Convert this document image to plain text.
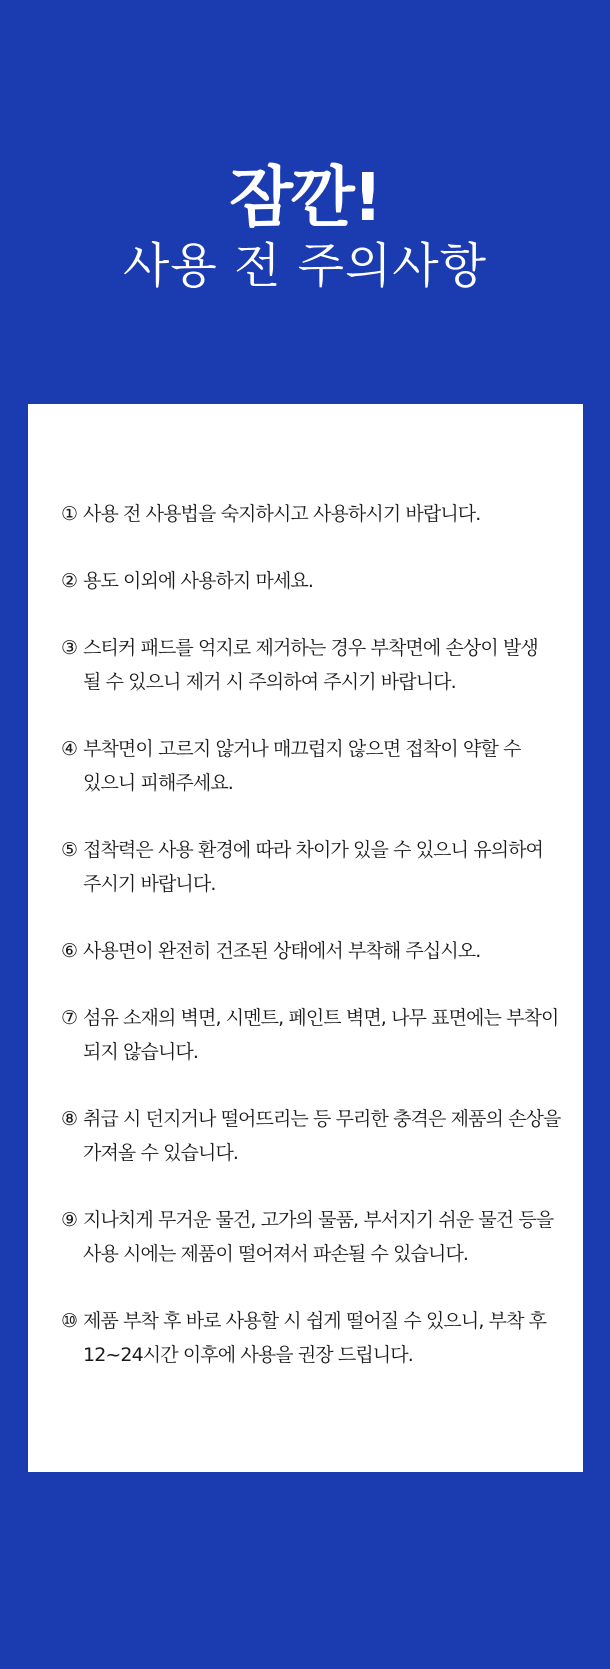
잠깐!
사용 전 주의사항
① 사용 전 사용법을 숙지하시고 사용하시기 바랍니다.
② 용도 이외에 사용하지 마세요.
③ 스티커 패드를 억지로 제거하는 경우 부착면에 손상이 발생
될 수 있으니 제거 시 주의하여 주시기 바랍니다.
④ 부착면이 고르지 않거나 매끄럽지 않으면 접착이 약할 수
있으니 피해주세요.
⑤ 접착력은 사용 환경에 따라 차이가 있을 수 있으니 유의하여
주시기 바랍니다.
⑥ 사용면이 완전히 건조된 상태에서 부착해 주십시오.
⑦ 섬유 소재의 벽면, 시멘트, 페인트 벽면, 나무 표면에는 부착이
되지 않습니다.
⑧ 취급 시 던지거나 떨어뜨리는 등 무리한 충격은 제품의 손상을
가져올 수 있습니다.
⑨ 지나치게 무거운 물건, 고가의 물품, 부서지기 쉬운 물건 등을
사용 시에는 제품이 떨어져서 파손될 수 있습니다.
⑩ 제품 부착 후 바로 사용할 시 쉽게 떨어질 수 있으니, 부착 후
12~24시간 이후에 사용을 권장 드립니다.
